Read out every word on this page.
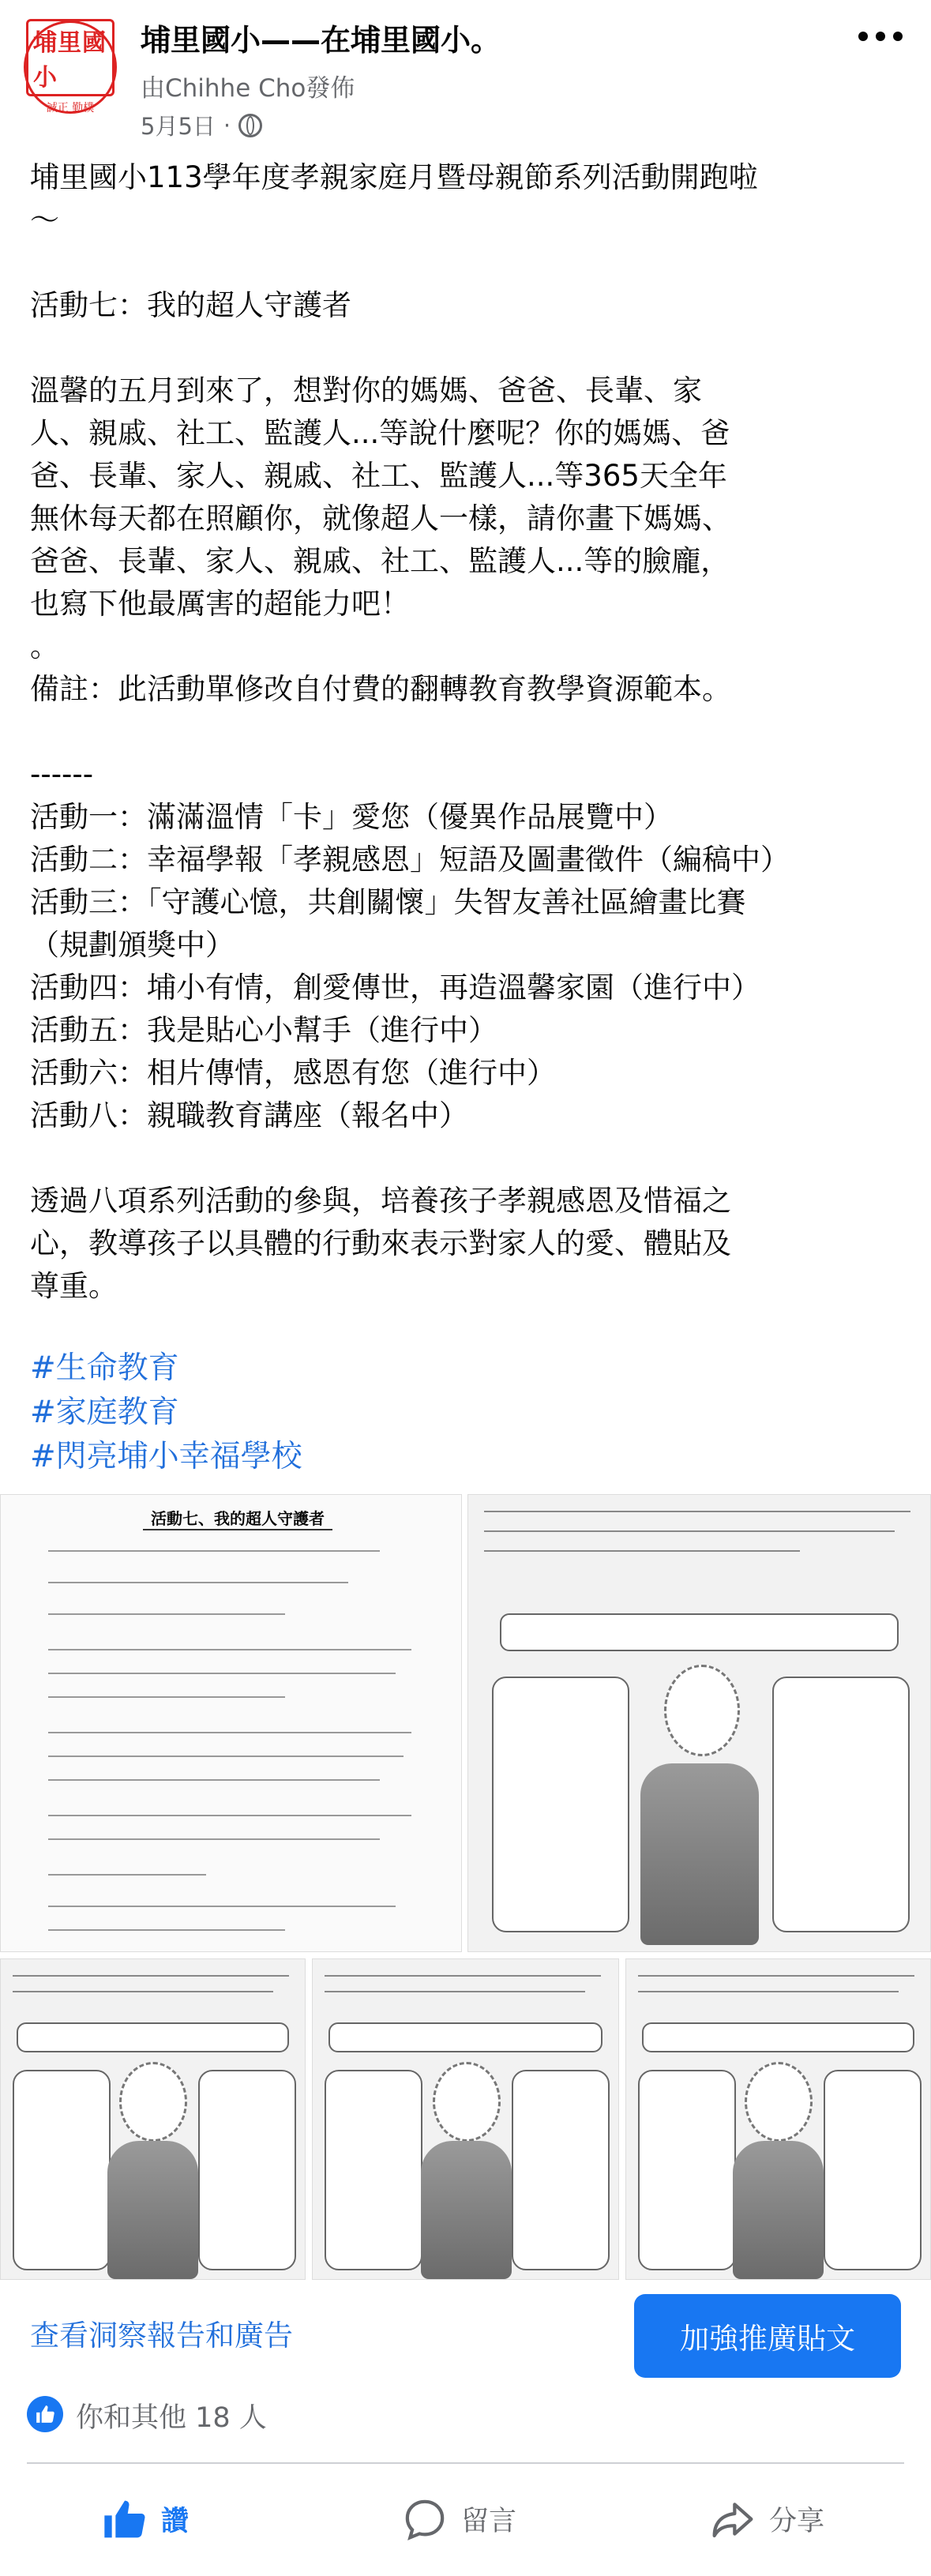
埔里國小
誠正 勤樸
埔里國小——在埔里國小。
由Chihhe Cho發佈
5月5日 ·
埔里國小113學年度孝親家庭月暨母親節系列活動開跑啦
～
活動七：我的超人守護者
溫馨的五月到來了，想對你的媽媽、爸爸、長輩、家
人、親戚、社工、監護人...等說什麼呢？你的媽媽、爸
爸、長輩、家人、親戚、社工、監護人...等365天全年
無休每天都在照顧你，就像超人一樣，請你畫下媽媽、
爸爸、長輩、家人、親戚、社工、監護人...等的臉龐，
也寫下他最厲害的超能力吧！
。
備註：此活動單修改自付費的翻轉教育教學資源範本。
------
活動一：滿滿溫情「卡」愛您（優異作品展覽中）
活動二：幸福學報「孝親感恩」短語及圖畫徵件（編稿中）
活動三：「守護心憶，共創關懷」失智友善社區繪畫比賽
（規劃頒獎中）
活動四：埔小有情，創愛傳世，再造溫馨家園（進行中）
活動五：我是貼心小幫手（進行中）
活動六：相片傳情，感恩有您（進行中）
活動八：親職教育講座（報名中）
透過八項系列活動的參與，培養孩子孝親感恩及惜福之
心，教導孩子以具體的行動來表示對家人的愛、體貼及
尊重。
#生命教育
#家庭教育
#閃亮埔小幸福學校
活動七、我的超人守護者
查看洞察報告和廣告	加強推廣貼文
你和其他 18 人
讚	留言	分享
